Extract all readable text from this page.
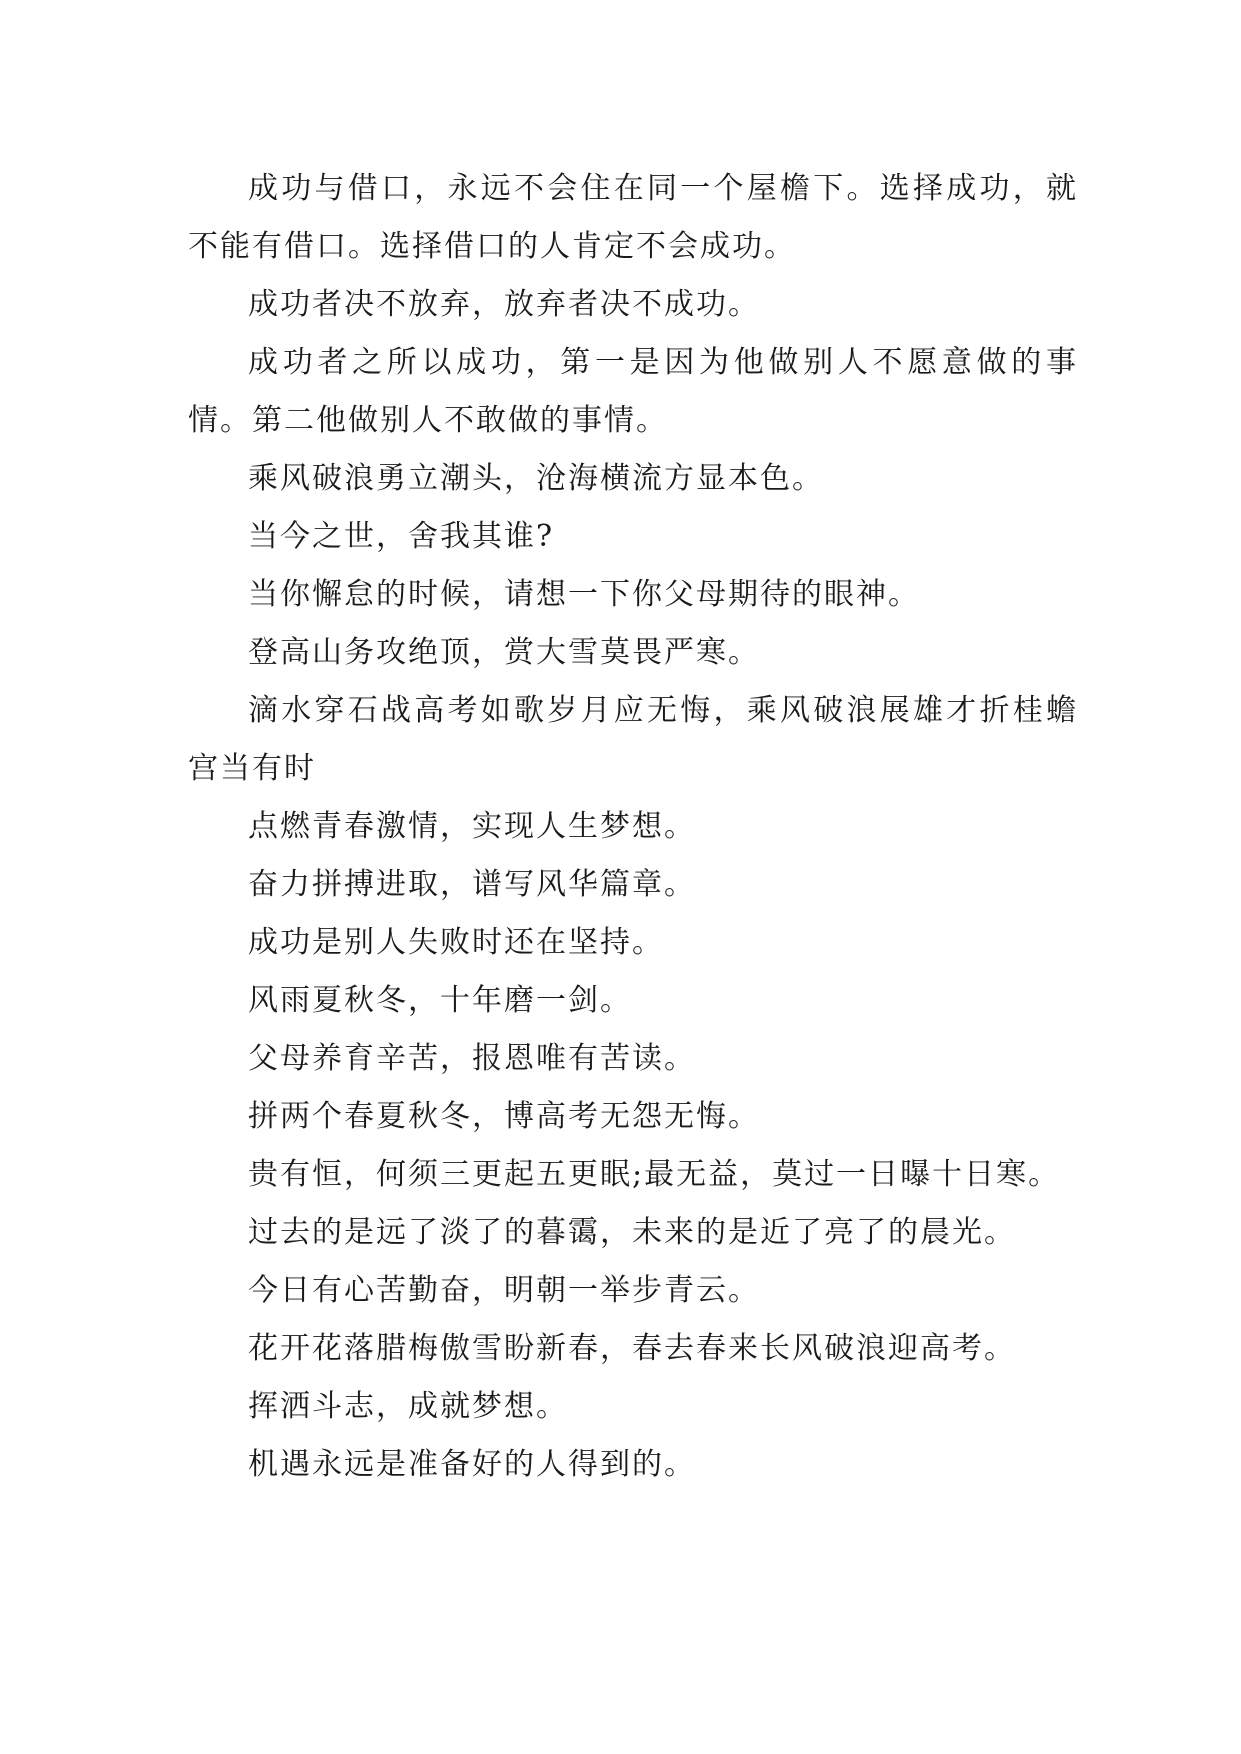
成功与借口，永远不会住在同一个屋檐下。选择成功，就不能有借口。选择借口的人肯定不会成功。

成功者决不放弃，放弃者决不成功。

成功者之所以成功，第一是因为他做别人不愿意做的事情。第二他做别人不敢做的事情。

乘风破浪勇立潮头，沧海横流方显本色。

当今之世，舍我其谁?

当你懈怠的时候，请想一下你父母期待的眼神。

登高山务攻绝顶，赏大雪莫畏严寒。

滴水穿石战高考如歌岁月应无悔，乘风破浪展雄才折桂蟾宫当有时

点燃青春激情，实现人生梦想。

奋力拼搏进取，谱写风华篇章。

成功是别人失败时还在坚持。

风雨夏秋冬，十年磨一剑。

父母养育辛苦，报恩唯有苦读。

拼两个春夏秋冬，博高考无怨无悔。

贵有恒，何须三更起五更眠;最无益，莫过一日曝十日寒。

过去的是远了淡了的暮霭，未来的是近了亮了的晨光。

今日有心苦勤奋，明朝一举步青云。

花开花落腊梅傲雪盼新春，春去春来长风破浪迎高考。

挥洒斗志，成就梦想。

机遇永远是准备好的人得到的。
